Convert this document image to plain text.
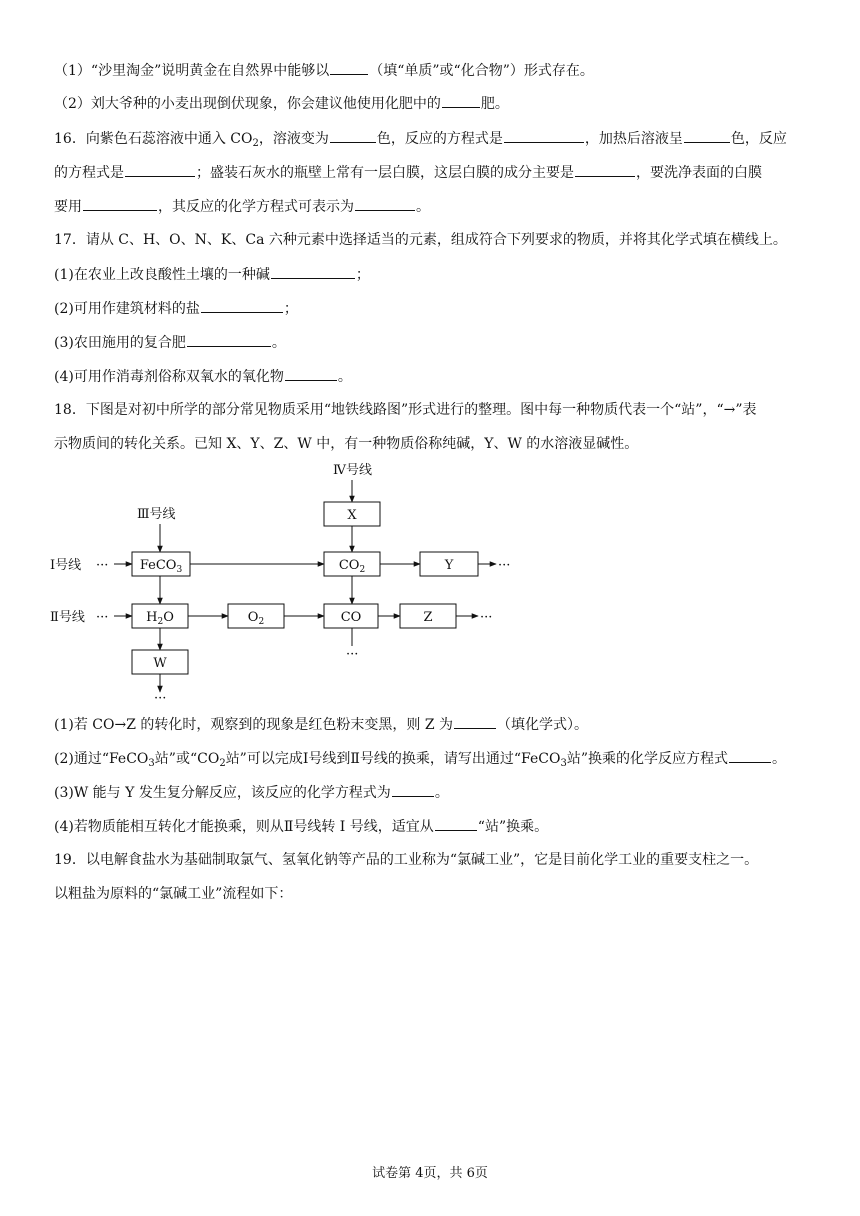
（1）“沙里淘金”说明黄金在自然界中能够以	（填“单质”或“化合物”）形式存在。
（2）刘大爷种的小麦出现倒伏现象，你会建议他使用化肥中的	肥。
16．向紫色石蕊溶液中通入 $CO_2$，溶液变为	色，反应的方程式是	，加热后溶液呈	色，反应
的方程式是	；盛装石灰水的瓶壁上常有一层白膜，这层白膜的成分主要是	，要洗净表面的白膜
要用	，其反应的化学方程式可表示为	。
17．请从 C、H、O、N、K、Ca 六种元素中选择适当的元素，组成符合下列要求的物质，并将其化学式填在横线上。
(1)在农业上改良酸性土壤的一种碱	；
(2)可用作建筑材料的盐	；
(3)农田施用的复合肥	。
(4)可用作消毒剂俗称双氧水的氧化物	。
18．下图是对初中所学的部分常见物质采用“地铁线路图”形式进行的整理。图中每一种物质代表一个“站”，“→”表
示物质间的转化关系。已知 X、Y、Z、W 中，有一种物质俗称纯碱，Y、W 的水溶液显碱性。
Ⅳ号线
Ⅲ号线
Ⅰ号线 ···
Ⅱ号线 ···
···
···
···
···
X
FeCO$_3$	$CO_2$	Y
$H_2O$	$O_2$	CO	Z
W
(1)若 CO→Z 的转化时，观察到的现象是红色粉末变黑，则 Z 为	（填化学式）。
(2)通过“FeCO$_3$站”或“$CO_2$站”可以完成Ⅰ号线到Ⅱ号线的换乘，请写出通过“FeCO$_3$站”换乘的化学反应方程式	。
(3)W 能与 Y 发生复分解反应，该反应的化学方程式为	。
(4)若物质能相互转化才能换乘，则从Ⅱ号线转 Ⅰ 号线，适宜从	“站”换乘。
19．以电解食盐水为基础制取氯气、氢氧化钠等产品的工业称为“氯碱工业”，它是目前化学工业的重要支柱之一。
以粗盐为原料的“氯碱工业”流程如下：
试卷第 4页，共 6页
